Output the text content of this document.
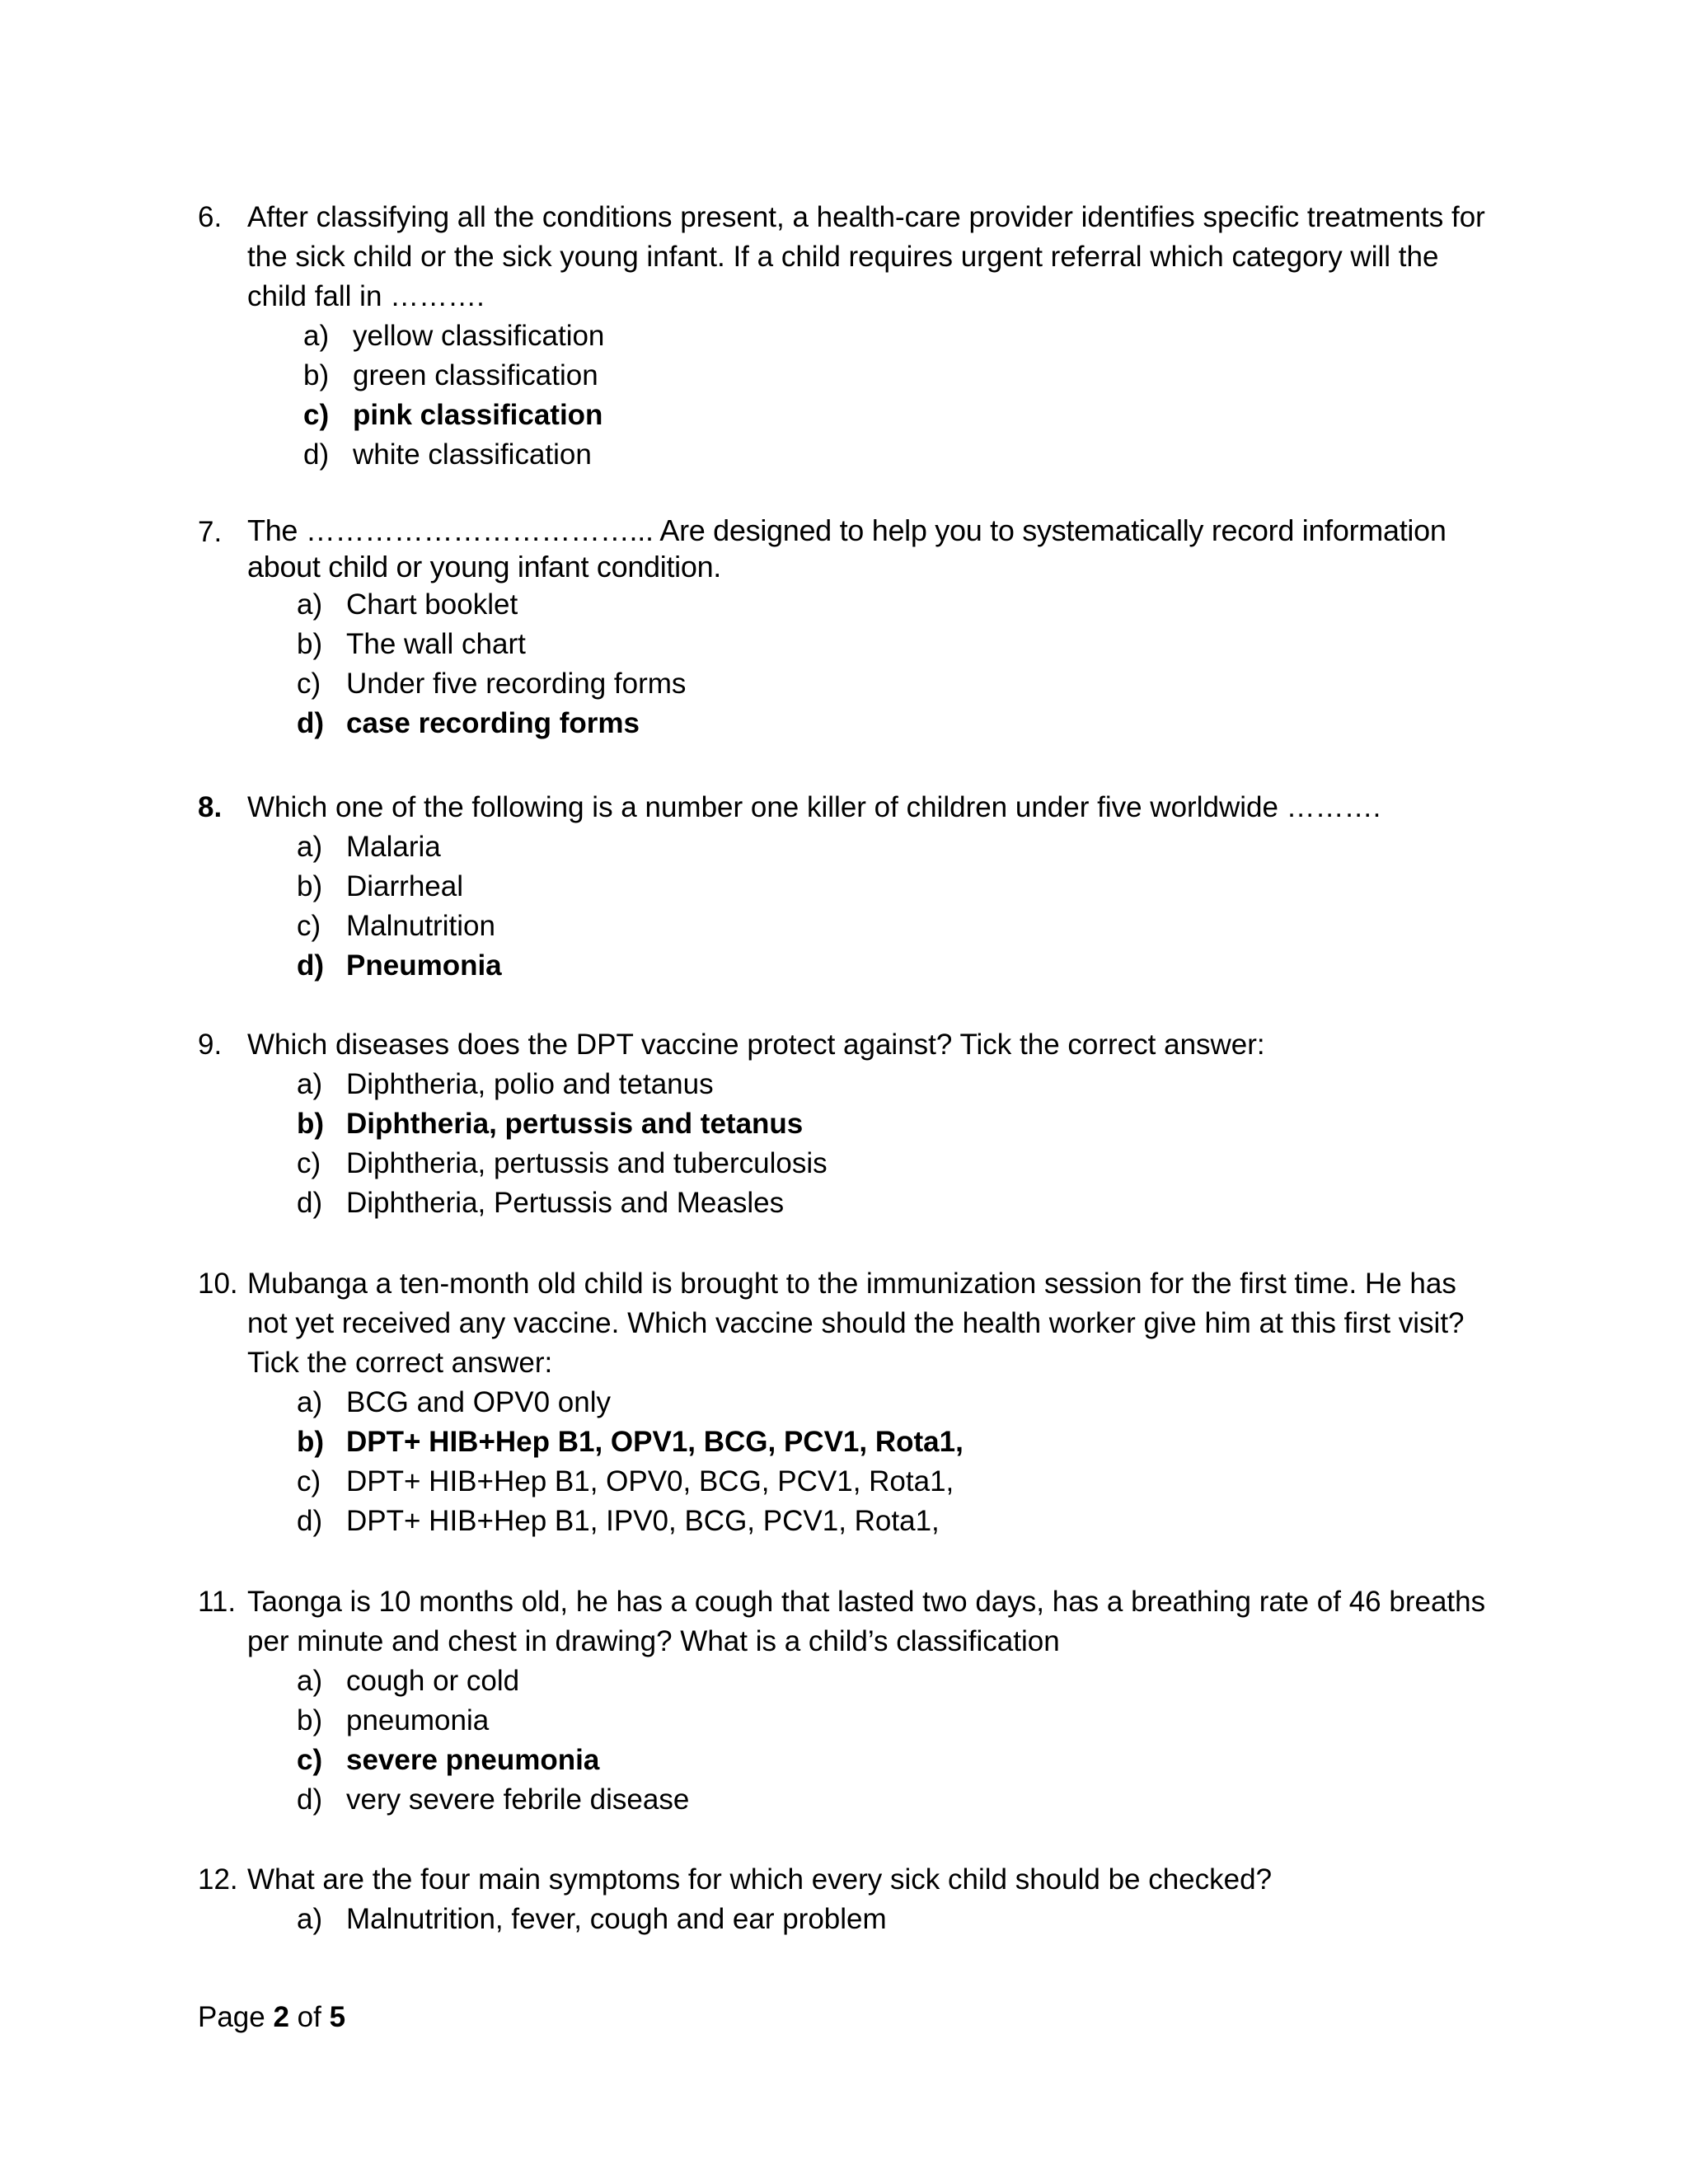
6. After classifying all the conditions present, a health-care provider identifies specific treatments for the sick child or the sick young infant. If a child requires urgent referral which category will the child fall in ……….
a) yellow classification
b) green classification
c) pink classification
d) white classification
7. The ……………………………... Are designed to help you to systematically record information about child or young infant condition.
a) Chart booklet
b) The wall chart
c) Under five recording forms
d) case recording forms
8. Which one of the following is a number one killer of children under five worldwide ……….
a) Malaria
b) Diarrheal
c) Malnutrition
d) Pneumonia
9. Which diseases does the DPT vaccine protect against? Tick the correct answer:
a) Diphtheria, polio and tetanus
b) Diphtheria, pertussis and tetanus
c) Diphtheria, pertussis and tuberculosis
d) Diphtheria, Pertussis and Measles
10. Mubanga a ten-month old child is brought to the immunization session for the first time. He has not yet received any vaccine. Which vaccine should the health worker give him at this first visit? Tick the correct answer:
a) BCG and OPV0 only
b) DPT+ HIB+Hep B1, OPV1, BCG, PCV1, Rota1,
c) DPT+ HIB+Hep B1, OPV0, BCG, PCV1, Rota1,
d) DPT+ HIB+Hep B1, IPV0, BCG, PCV1, Rota1,
11. Taonga is 10 months old, he has a cough that lasted two days, has a breathing rate of 46 breaths per minute and chest in drawing? What is a child’s classification
a) cough or cold
b) pneumonia
c) severe pneumonia
d) very severe febrile disease
12. What are the four main symptoms for which every sick child should be checked?
a) Malnutrition, fever, cough and ear problem
Page 2 of 5
